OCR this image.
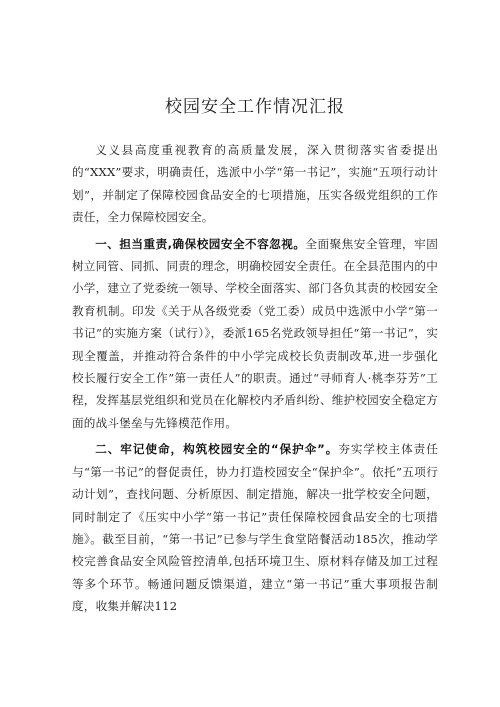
校园安全工作情况汇报

义义县高度重视教育的高质量发展，深入贯彻落实省委提出的“XXX”要求，明确责任，选派中小学“第一书记”，实施“五项行动计划”，并制定了保障校园食品安全的七项措施，压实各级党组织的工作责任，全力保障校园安全。

一、担当重责,确保校园安全不容忽视。全面聚焦安全管理，牢固树立同管、同抓、同责的理念，明确校园安全责任。在全县范围内的中小学，建立了党委统一领导、学校全面落实、部门各负其责的校园安全教育机制。印发《关于从各级党委（党工委）成员中选派中小学“第一书记”的实施方案（试行）》，委派165名党政领导担任“第一书记”，实现全覆盖，并推动符合条件的中小学完成校长负责制改革,进一步强化校长履行安全工作”第一责任人”的职责。通过“寻师育人·桃李芬芳”工程，发挥基层党组织和党员在化解校内矛盾纠纷、维护校园安全稳定方面的战斗堡垒与先锋模范作用。

二、牢记使命，构筑校园安全的“保护伞”。夯实学校主体责任与“第一书记”的督促责任，协力打造校园安全“保护伞”。依托”五项行动计划”，查找问题、分析原因、制定措施，解决一批学校安全问题，同时制定了《压实中小学“第一书记”责任保障校园食品安全的七项措施》。截至目前，“第一书记”已参与学生食堂陪餐活动185次，推动学校完善食品安全风险管控清单,包括环境卫生、原材料存储及加工过程等多个环节。畅通问题反馈渠道，建立“第一书记”重大事项报告制度，收集并解决112
